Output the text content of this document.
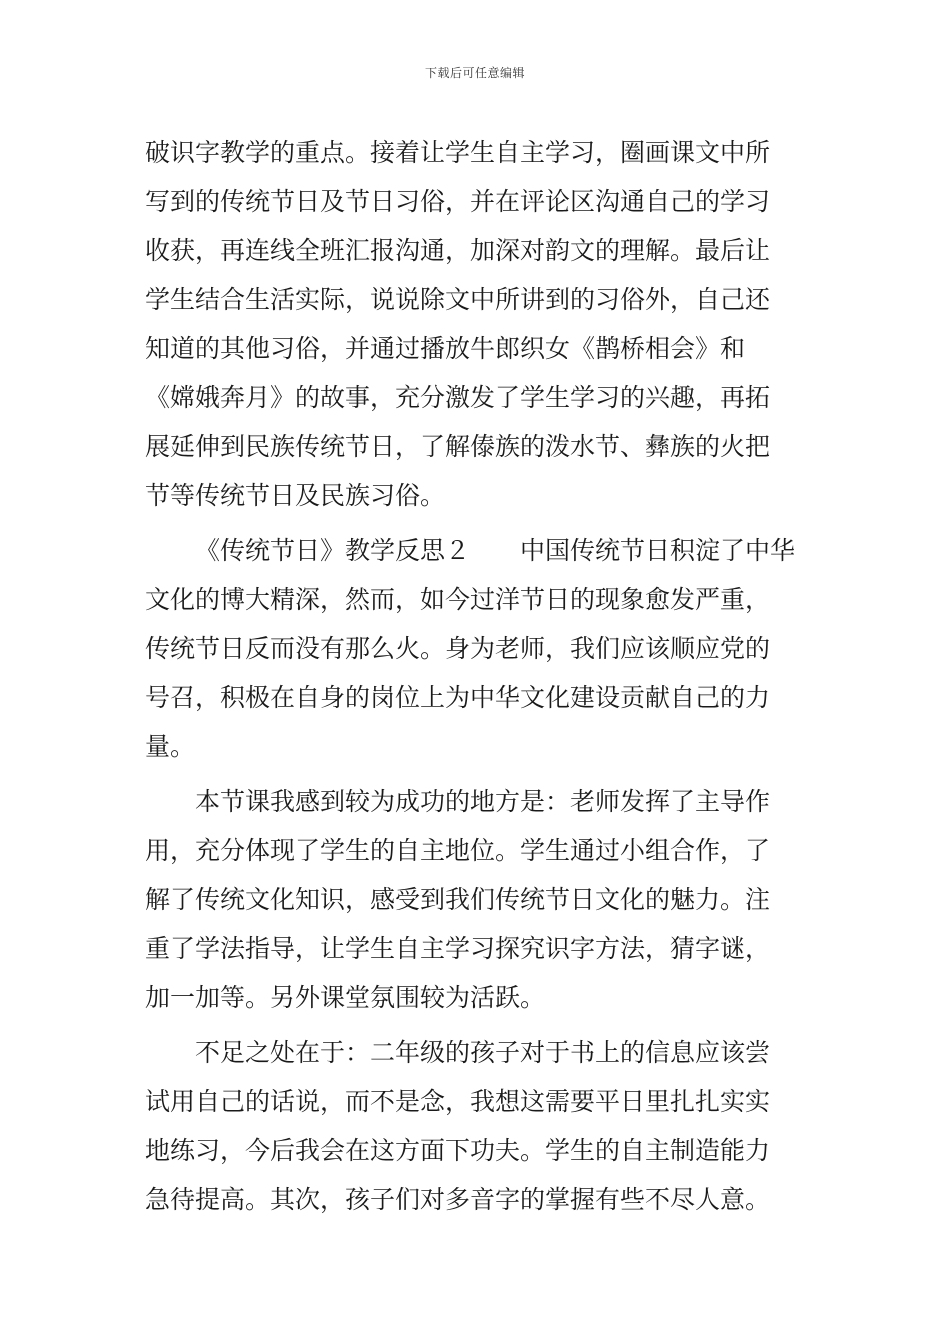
下载后可任意编辑
破识字教学的重点。接着让学生自主学习，圈画课文中所
写到的传统节日及节日习俗，并在评论区沟通自己的学习
收获，再连线全班汇报沟通，加深对韵文的理解。最后让
学生结合生活实际，说说除文中所讲到的习俗外，自己还
知道的其他习俗，并通过播放牛郎织女《鹊桥相会》和
《嫦娥奔月》的故事，充分激发了学生学习的兴趣，再拓
展延伸到民族传统节日，了解傣族的泼水节、彝族的火把
节等传统节日及民族习俗。
《传统节日》教学反思２　　中国传统节日积淀了中华
文化的博大精深，然而，如今过洋节日的现象愈发严重，
传统节日反而没有那么火。身为老师，我们应该顺应党的
号召，积极在自身的岗位上为中华文化建设贡献自己的力
量。
本节课我感到较为成功的地方是：老师发挥了主导作
用，充分体现了学生的自主地位。学生通过小组合作，了
解了传统文化知识，感受到我们传统节日文化的魅力。注
重了学法指导，让学生自主学习探究识字方法，猜字谜，
加一加等。另外课堂氛围较为活跃。
不足之处在于：二年级的孩子对于书上的信息应该尝
试用自己的话说，而不是念，我想这需要平日里扎扎实实
地练习，今后我会在这方面下功夫。学生的自主制造能力
急待提高。其次，孩子们对多音字的掌握有些不尽人意。
